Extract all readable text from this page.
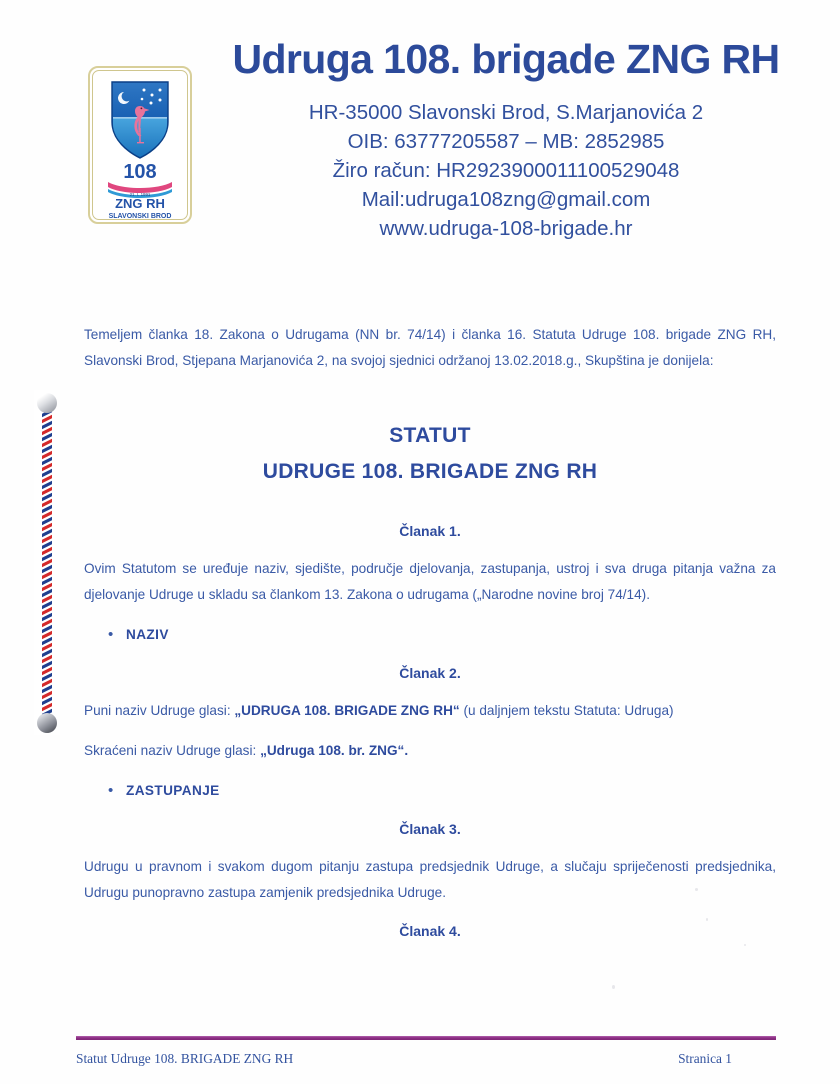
108
21. I. 1991
ZNG RH
SLAVONSKI BROD
Udruga 108. brigade ZNG RH
HR-35000 Slavonski Brod, S.Marjanovića 2
OIB: 63777205587 – MB: 2852985
Žiro račun: HR2923900011100529048
Mail:udruga108zng@gmail.com
www.udruga-108-brigade.hr

Temeljem članka 18. Zakona o Udrugama (NN br. 74/14) i članka 16. Statuta Udruge 108. brigade ZNG RH, Slavonski Brod, Stjepana Marjanovića 2, na svojoj sjednici održanoj 13.02.2018.g., Skupština je donijela:

STATUT
UDRUGE 108. BRIGADE ZNG RH
Članak 1.

Ovim Statutom se uređuje naziv, sjedište, područje djelovanja, zastupanja, ustroj i sva druga pitanja važna za djelovanje Udruge u skladu sa člankom 13. Zakona o udrugama („Narodne novine broj 74/14).

• NAZIV
Članak 2.

Puni naziv Udruge glasi: „UDRUGA 108. BRIGADE ZNG RH“ (u daljnjem tekstu Statuta: Udruga)

Skraćeni naziv Udruge glasi: „Udruga 108. br. ZNG“.

• ZASTUPANJE
Članak 3.

Udrugu u pravnom i svakom dugom pitanju zastupa predsjednik Udruge, a slučaju spriječenosti predsjednika, Udrugu punopravno zastupa zamjenik predsjednika Udruge.

Članak 4.
Statut Udruge 108. BRIGADE ZNG RH	Stranica 1
